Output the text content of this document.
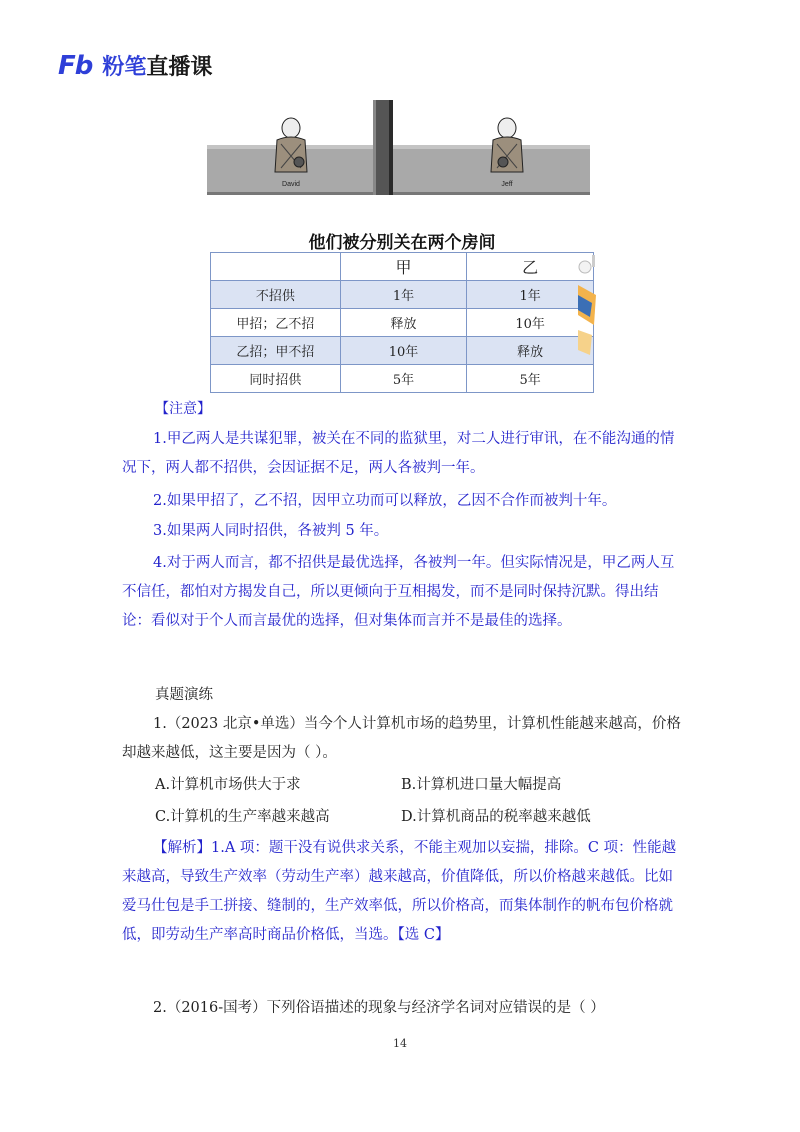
Fb 粉笔直播课
David	Jeff
他们被分别关在两个房间
	甲	乙
不招供	1年	1年
甲招；乙不招	释放	10年
乙招；甲不招	10年	释放
同时招供	5年	5年
【注意】

1.甲乙两人是共谋犯罪，被关在不同的监狱里，对二人进行审讯，在不能沟通的情况下，两人都不招供，会因证据不足，两人各被判一年。

2.如果甲招了，乙不招，因甲立功而可以释放，乙因不合作而被判十年。

3.如果两人同时招供，各被判 5 年。

4.对于两人而言，都不招供是最优选择，各被判一年。但实际情况是，甲乙两人互不信任，都怕对方揭发自己，所以更倾向于互相揭发，而不是同时保持沉默。得出结论：看似对于个人而言最优的选择，但对集体而言并不是最佳的选择。

真题演练

1.（2023 北京•单选）当今个人计算机市场的趋势里，计算机性能越来越高，价格却越来越低，这主要是因为（ ）。

A.计算机市场供大于求	B.计算机进口量大幅提高
C.计算机的生产率越来越高	D.计算机商品的税率越来越低

【解析】1.A 项：题干没有说供求关系，不能主观加以妄揣，排除。C 项：性能越来越高，导致生产效率（劳动生产率）越来越高，价值降低，所以价格越来越低。比如爱马仕包是手工拼接、缝制的，生产效率低，所以价格高，而集体制作的帆布包价格就低，即劳动生产率高时商品价格低，当选。【选 C】

2.（2016-国考）下列俗语描述的现象与经济学名词对应错误的是（ ）

14
